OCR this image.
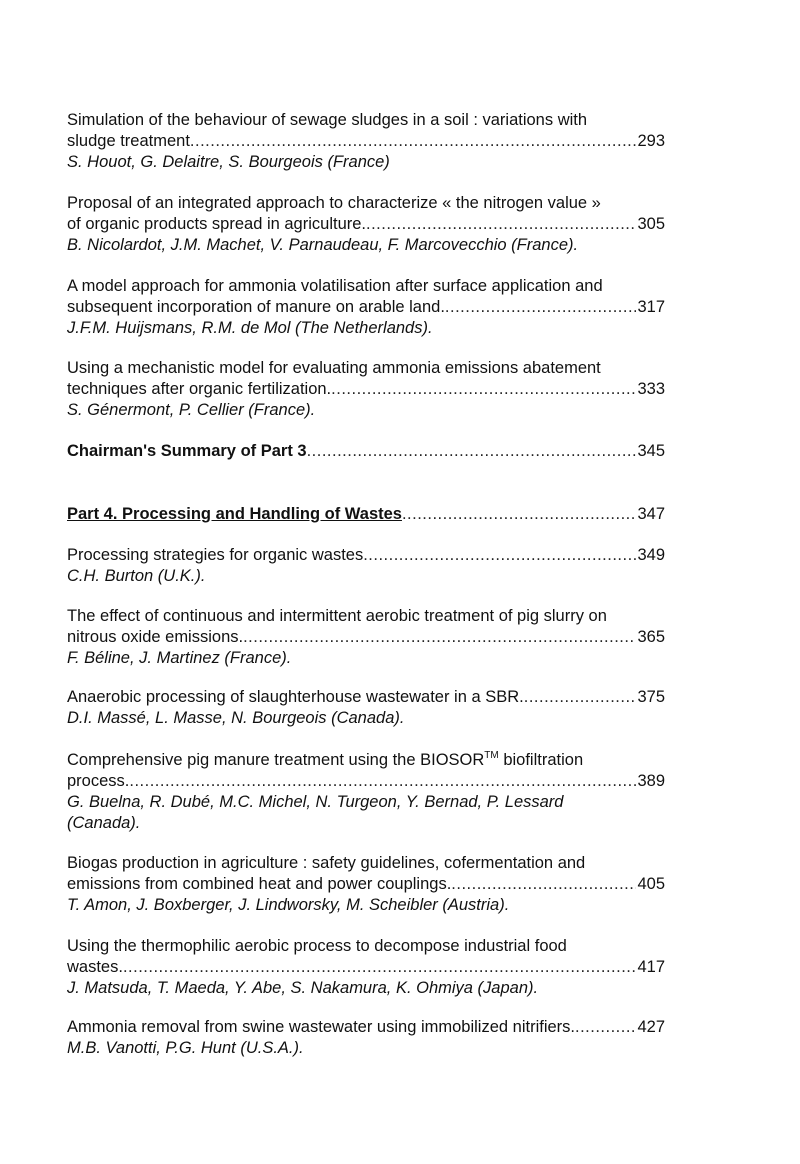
Simulation of the behaviour of sewage sludges in a soil : variations with
sludge treatment .....	293
S. Houot, G. Delaitre, S. Bourgeois (France)
Proposal of an integrated approach to characterize « the nitrogen value »
of organic products spread in agriculture. .....	305
B. Nicolardot, J.M. Machet, V. Parnaudeau, F. Marcovecchio (France).
A model approach for ammonia volatilisation after surface application and
subsequent incorporation of manure on arable land. .....	317
J.F.M. Huijsmans, R.M. de Mol (The Netherlands).
Using a mechanistic model for evaluating ammonia emissions abatement
techniques after organic fertilization. .....	333
S. Génermont, P. Cellier (France).
Chairman's Summary of Part 3 .....	345
Part 4. Processing and Handling of Wastes .....	347
Processing strategies for organic wastes .....	349
C.H. Burton (U.K.).
The effect of continuous and intermittent aerobic treatment of pig slurry on
nitrous oxide emissions. .....	365
F. Béline, J. Martinez (France).
Anaerobic processing of slaughterhouse wastewater in a SBR. .....	375
D.I. Massé, L. Masse, N. Bourgeois (Canada).
Comprehensive pig manure treatment using the BIOSOR™ biofiltration
process. .....	389
G. Buelna, R. Dubé, M.C. Michel, N. Turgeon, Y. Bernad, P. Lessard
(Canada).
Biogas production in agriculture : safety guidelines, cofermentation and
emissions from combined heat and power couplings. .....	405
T. Amon, J. Boxberger, J. Lindworsky, M. Scheibler (Austria).
Using the thermophilic aerobic process to decompose industrial food
wastes. .....	417
J. Matsuda, T. Maeda, Y. Abe, S. Nakamura, K. Ohmiya (Japan).
Ammonia removal from swine wastewater using immobilized nitrifiers. .....	427
M.B. Vanotti, P.G. Hunt (U.S.A.).
